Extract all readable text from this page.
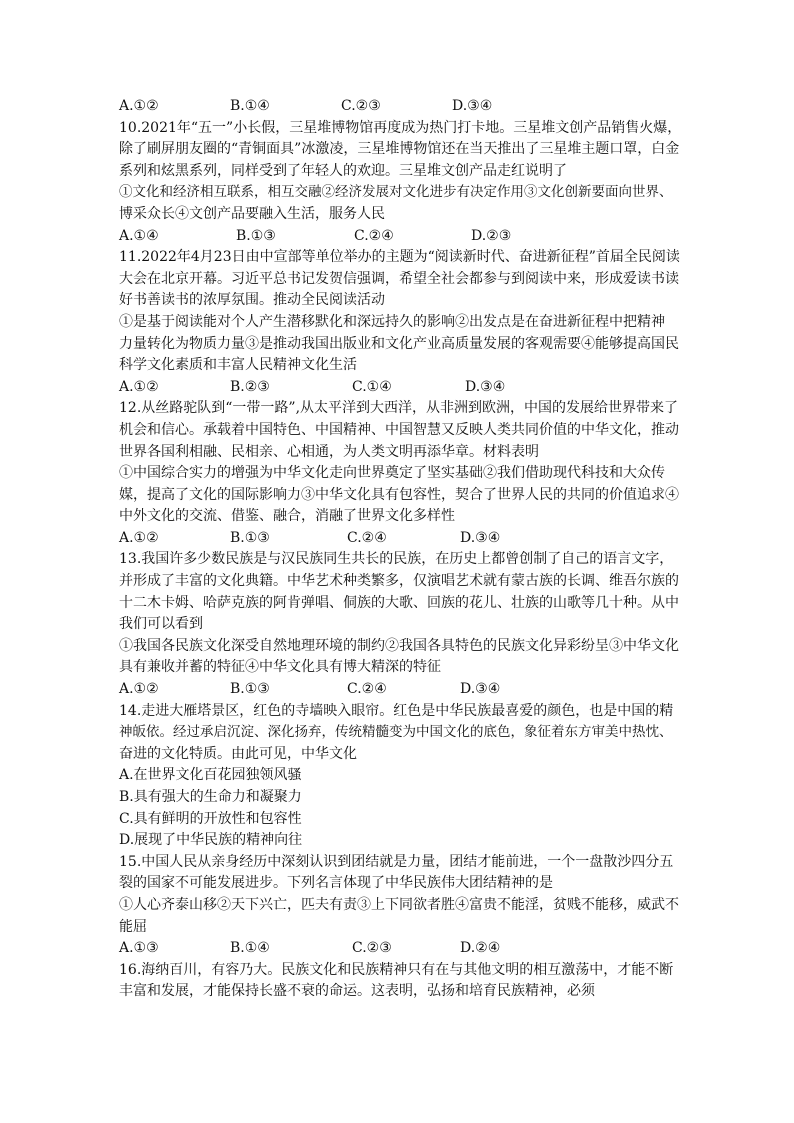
A.①②	B.①④	C.②③	D.③④
10.2021年“五一”小长假，三星堆博物馆再度成为热门打卡地。三星堆文创产品销售火爆，
除了刷屏朋友圈的“青铜面具”冰激凌，三星堆博物馆还在当天推出了三星堆主题口罩，白金
系列和炫黑系列，同样受到了年轻人的欢迎。三星堆文创产品走红说明了
①文化和经济相互联系，相互交融②经济发展对文化进步有决定作用③文化创新要面向世界、
博采众长④文创产品要融入生活，服务人民
A.①④	B.①③	C.②④	D.②③
11.2022年4月23日由中宣部等单位举办的主题为“阅读新时代、奋进新征程”首届全民阅读
大会在北京开幕。习近平总书记发贺信强调，希望全社会都参与到阅读中来，形成爱读书读
好书善读书的浓厚氛围。推动全民阅读活动
①是基于阅读能对个人产生潜移默化和深远持久的影响②出发点是在奋进新征程中把精神
力量转化为物质力量③是推动我国出版业和文化产业高质量发展的客观需要④能够提高国民
科学文化素质和丰富人民精神文化生活
A.①②	B.②③	C.①④	D.③④
12.从丝路驼队到“一带一路”,从太平洋到大西洋，从非洲到欧洲，中国的发展给世界带来了
机会和信心。承载着中国特色、中国精神、中国智慧又反映人类共同价值的中华文化，推动
世界各国利相融、民相亲、心相通，为人类文明再添华章。材料表明
①中国综合实力的增强为中华文化走向世界奠定了坚实基础②我们借助现代科技和大众传
媒，提高了文化的国际影响力③中华文化具有包容性，契合了世界人民的共同的价值追求④
中外文化的交流、借鉴、融合，消融了世界文化多样性
A.①②	B.①③	C.②④	D.③④
13.我国许多少数民族是与汉民族同生共长的民族，在历史上都曾创制了自己的语言文字，
并形成了丰富的文化典籍。中华艺术种类繁多，仅演唱艺术就有蒙古族的长调、维吾尔族的
十二木卡姆、哈萨克族的阿肯弹唱、侗族的大歌、回族的花儿、壮族的山歌等几十种。从中
我们可以看到
①我国各民族文化深受自然地理环境的制约②我国各具特色的民族文化异彩纷呈③中华文化
具有兼收并蓄的特征④中华文化具有博大精深的特征
A.①②	B.①③	C.②④	D.③④
14.走进大雁塔景区，红色的寺墙映入眼帘。红色是中华民族最喜爱的颜色，也是中国的精
神皈依。经过承启沉淀、深化扬弃，传统精髓变为中国文化的底色，象征着东方审美中热忱、
奋进的文化特质。由此可见，中华文化
A.在世界文化百花园独领风骚
B.具有强大的生命力和凝聚力
C.具有鲜明的开放性和包容性
D.展现了中华民族的精神向往
15.中国人民从亲身经历中深刻认识到团结就是力量，团结才能前进，一个一盘散沙四分五
裂的国家不可能发展进步。下列名言体现了中华民族伟大团结精神的是
①人心齐泰山移②天下兴亡，匹夫有责③上下同欲者胜④富贵不能淫，贫贱不能移，威武不
能屈
A.①③	B.①④	C.②③	D.②④
16.海纳百川，有容乃大。民族文化和民族精神只有在与其他文明的相互激荡中，才能不断
丰富和发展，才能保持长盛不衰的命运。这表明，弘扬和培育民族精神，必须
